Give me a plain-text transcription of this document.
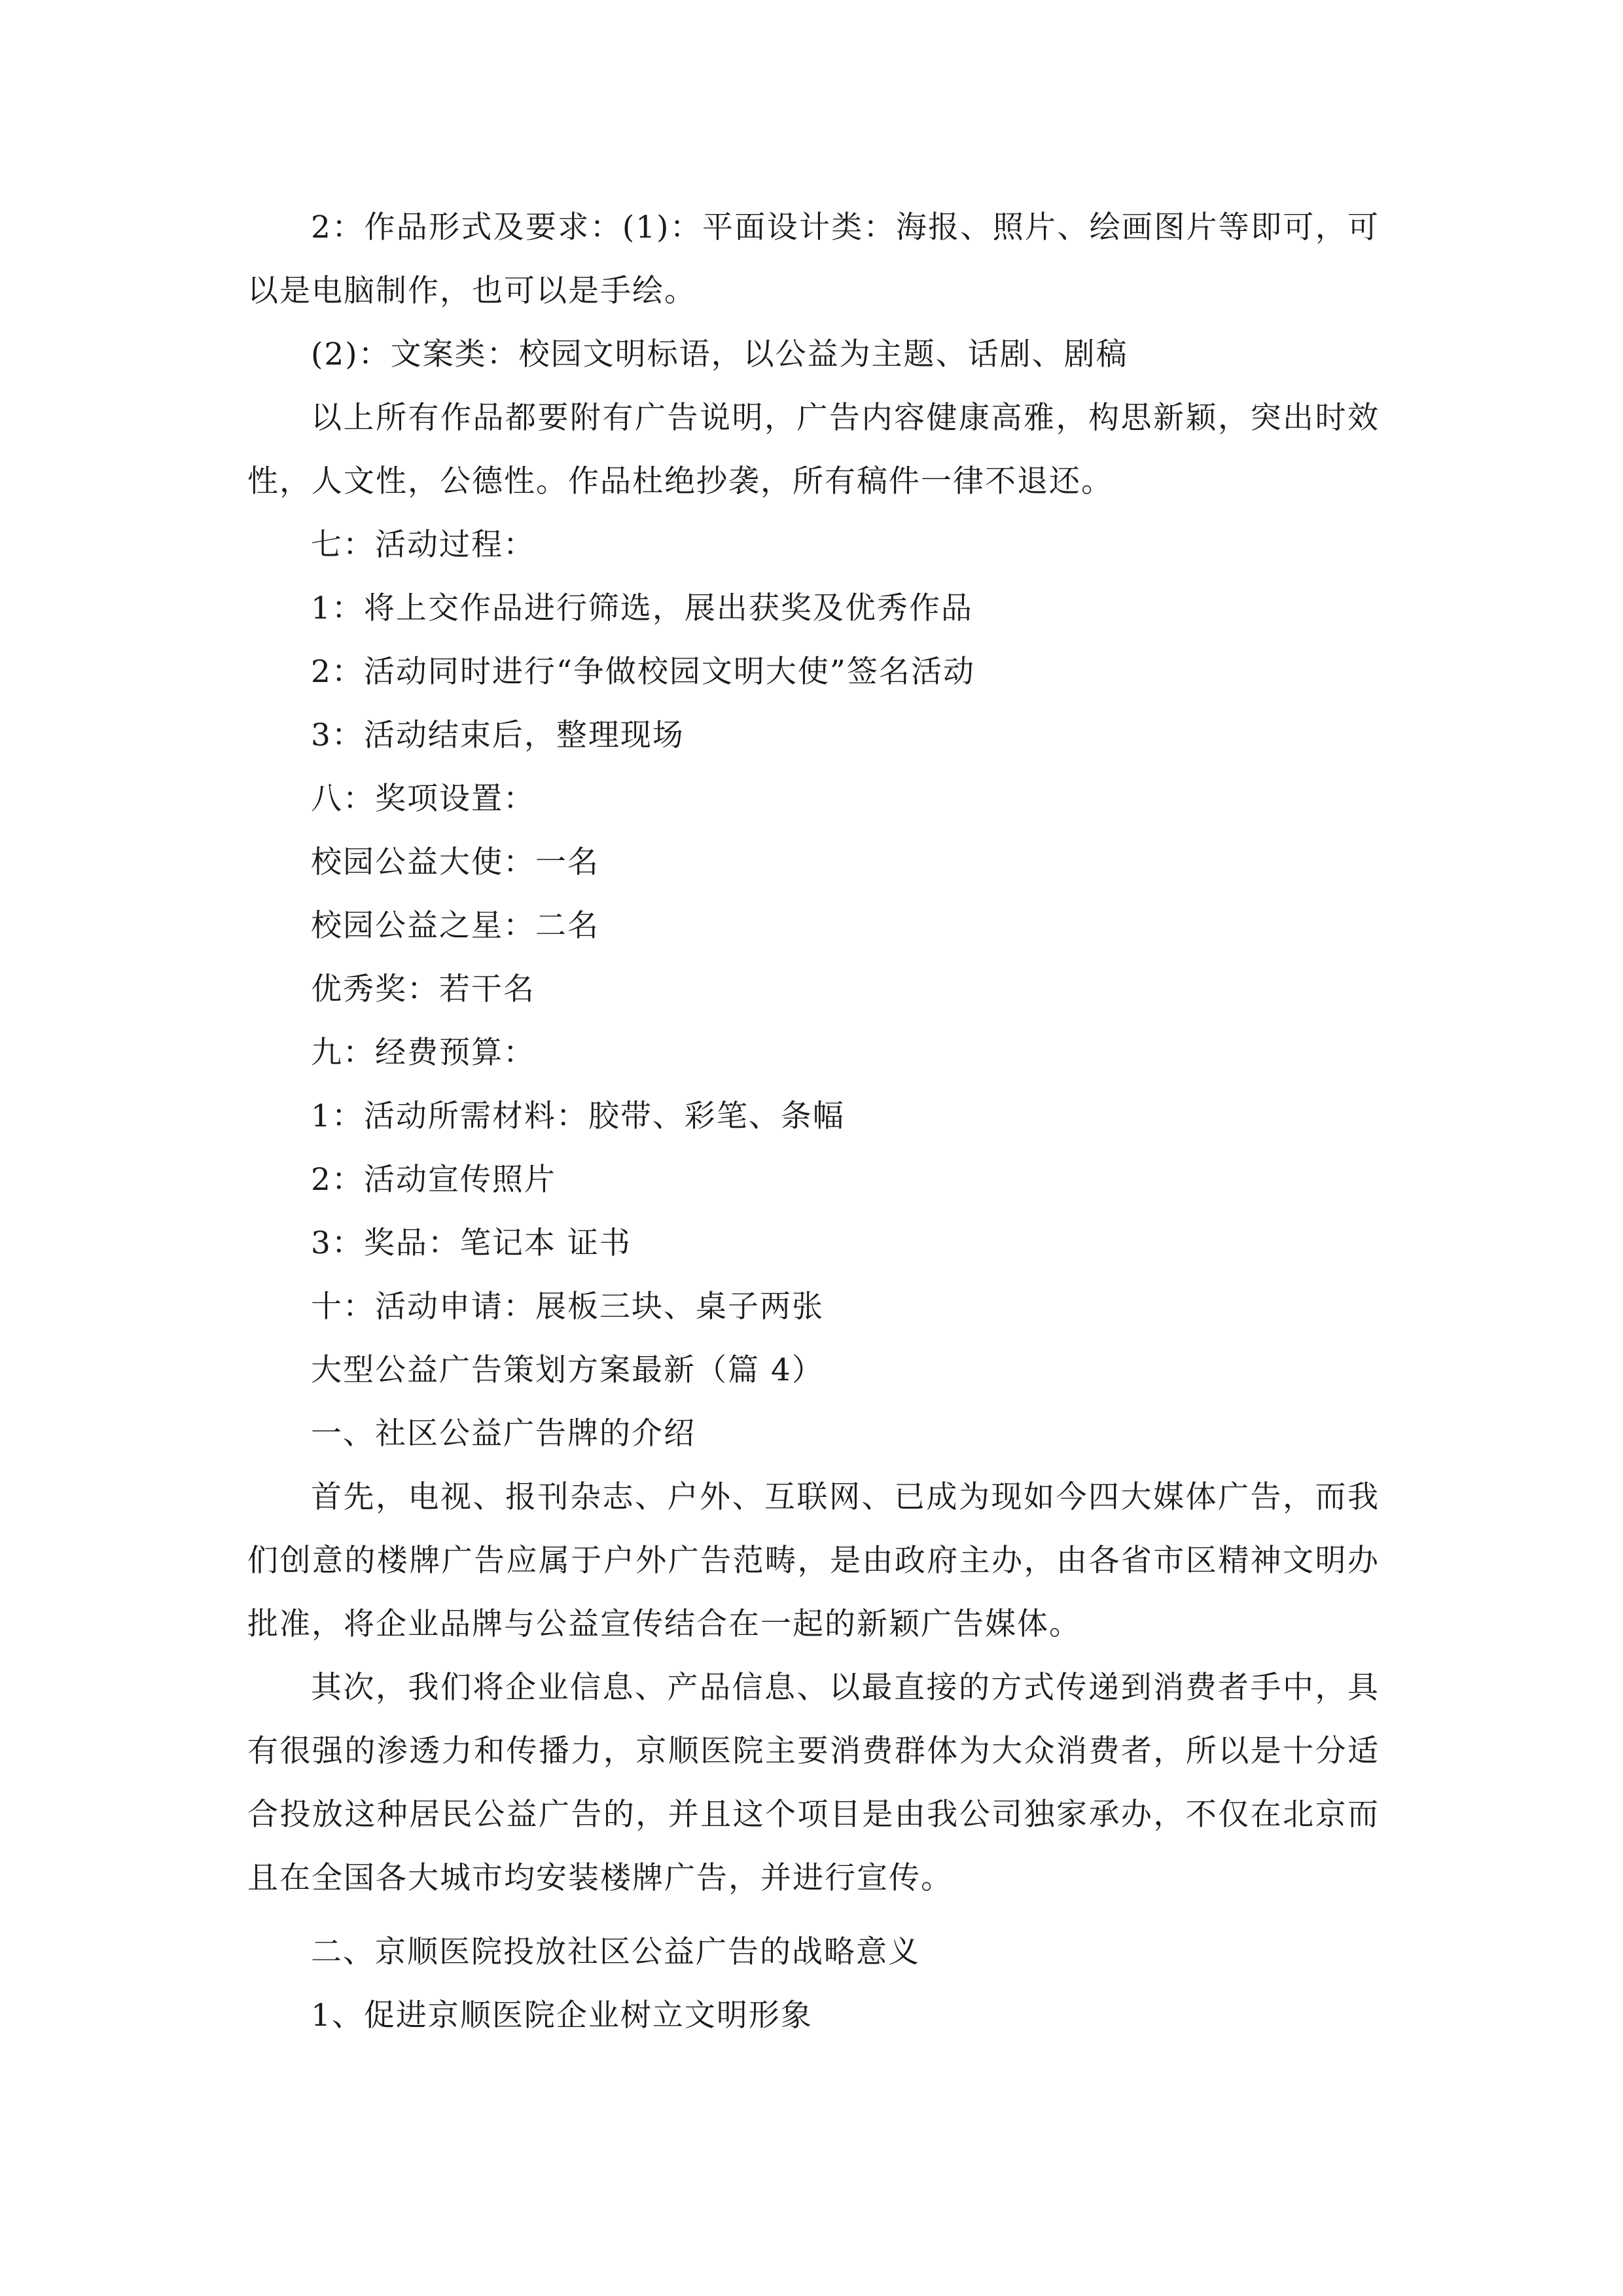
2：作品形式及要求：(1)：平面设计类：海报、照片、绘画图片等即可，可
以是电脑制作，也可以是手绘。
(2)：文案类：校园文明标语，以公益为主题、话剧、剧稿
以上所有作品都要附有广告说明，广告内容健康高雅，构思新颖，突出时效
性，人文性，公德性。作品杜绝抄袭，所有稿件一律不退还。
七：活动过程：
1：将上交作品进行筛选，展出获奖及优秀作品
2：活动同时进行“争做校园文明大使”签名活动
3：活动结束后，整理现场
八：奖项设置：
校园公益大使：一名
校园公益之星：二名
优秀奖：若干名
九：经费预算：
1：活动所需材料：胶带、彩笔、条幅
2：活动宣传照片
3：奖品：笔记本 证书
十：活动申请：展板三块、桌子两张
大型公益广告策划方案最新（篇 4）
一、社区公益广告牌的介绍
首先，电视、报刊杂志、户外、互联网、已成为现如今四大媒体广告，而我
们创意的楼牌广告应属于户外广告范畴，是由政府主办，由各省市区精神文明办
批准，将企业品牌与公益宣传结合在一起的新颖广告媒体。
其次，我们将企业信息、产品信息、以最直接的方式传递到消费者手中，具
有很强的渗透力和传播力，京顺医院主要消费群体为大众消费者，所以是十分适
合投放这种居民公益广告的，并且这个项目是由我公司独家承办，不仅在北京而
且在全国各大城市均安装楼牌广告，并进行宣传。
二、京顺医院投放社区公益广告的战略意义
1、促进京顺医院企业树立文明形象
